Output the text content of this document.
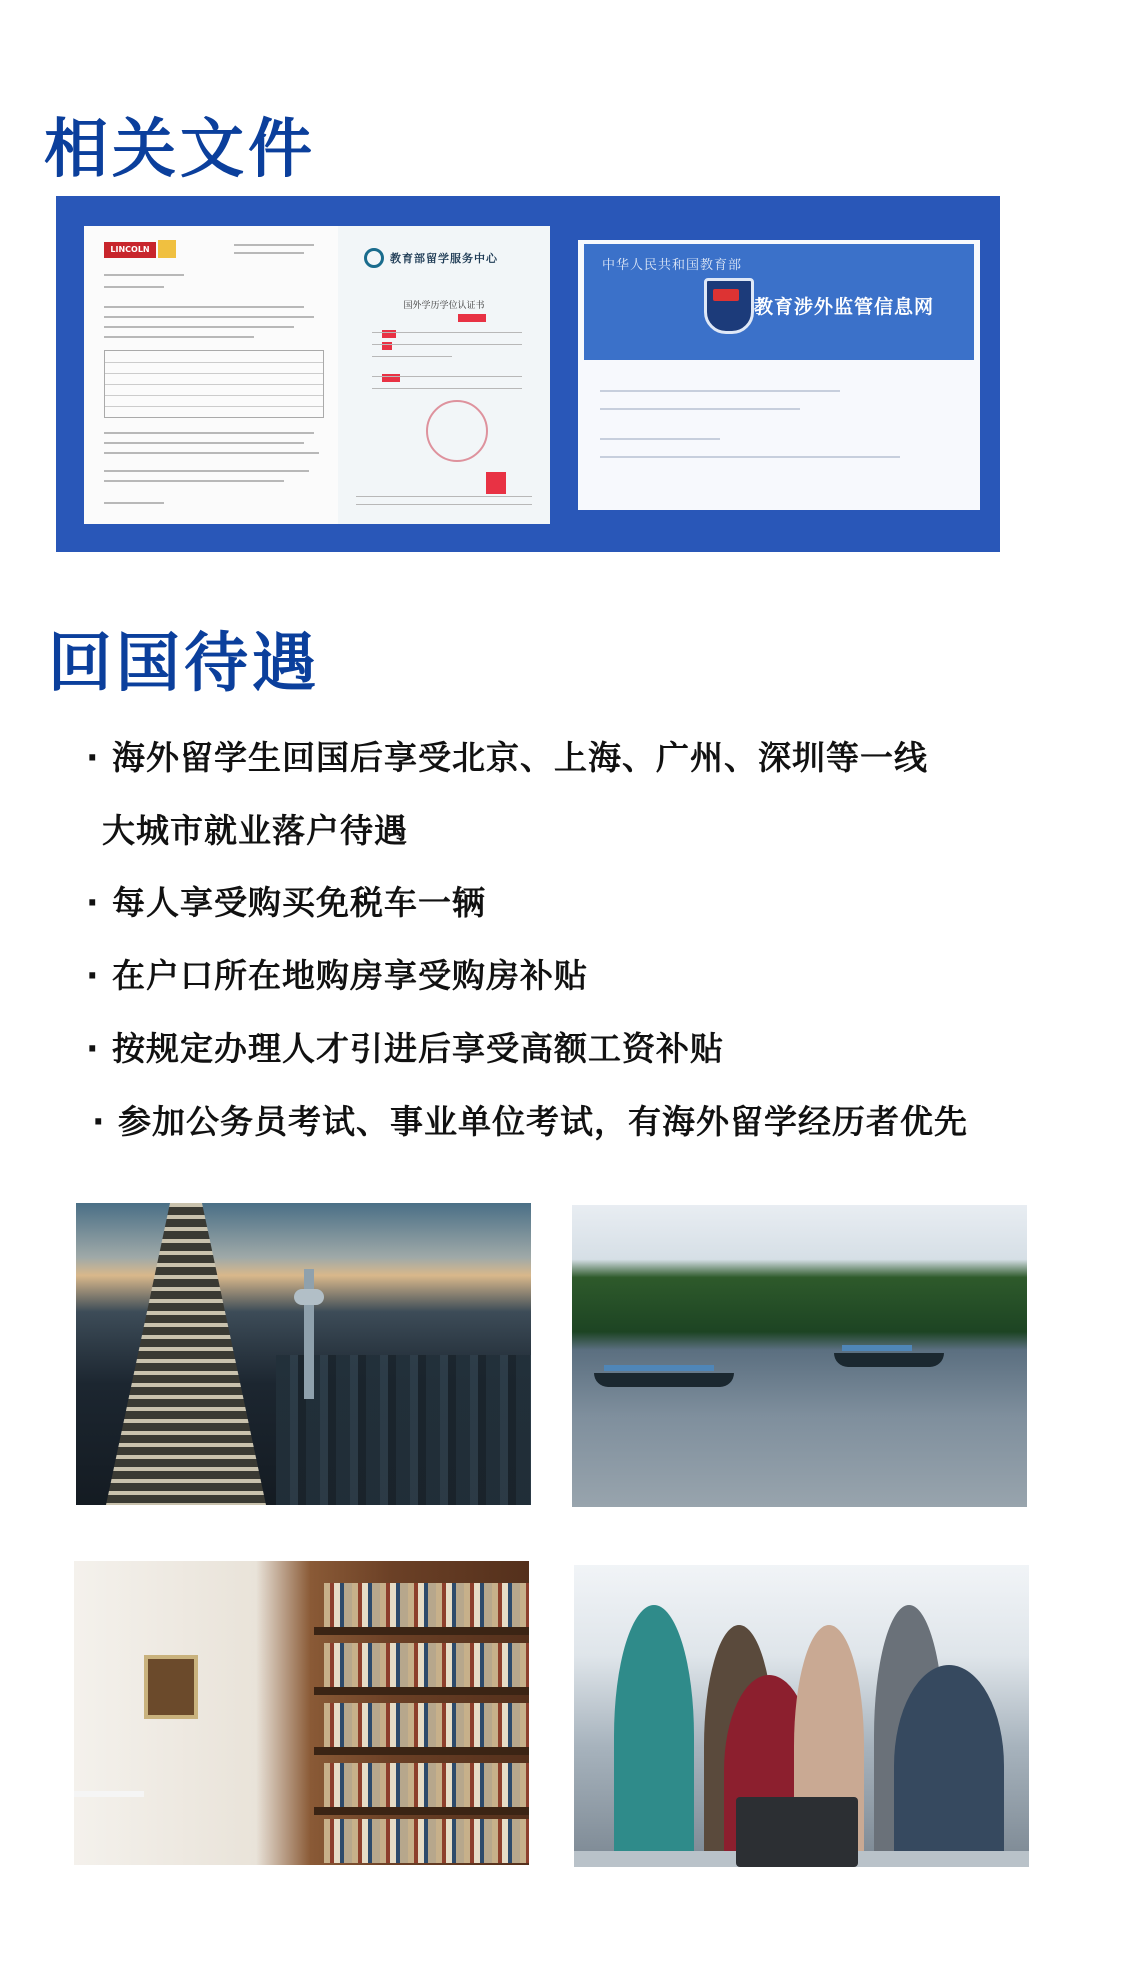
相关文件
LINCOLN
教育部留学服务中心
国外学历学位认证书
中华人民共和国教育部
教育涉外监管信息网
回国待遇
· 海外留学生回国后享受北京、上海、广州、深圳等一线
大城市就业落户待遇
· 每人享受购买免税车一辆
· 在户口所在地购房享受购房补贴
· 按规定办理人才引进后享受高额工资补贴
· 参加公务员考试、事业单位考试，有海外留学经历者优先
